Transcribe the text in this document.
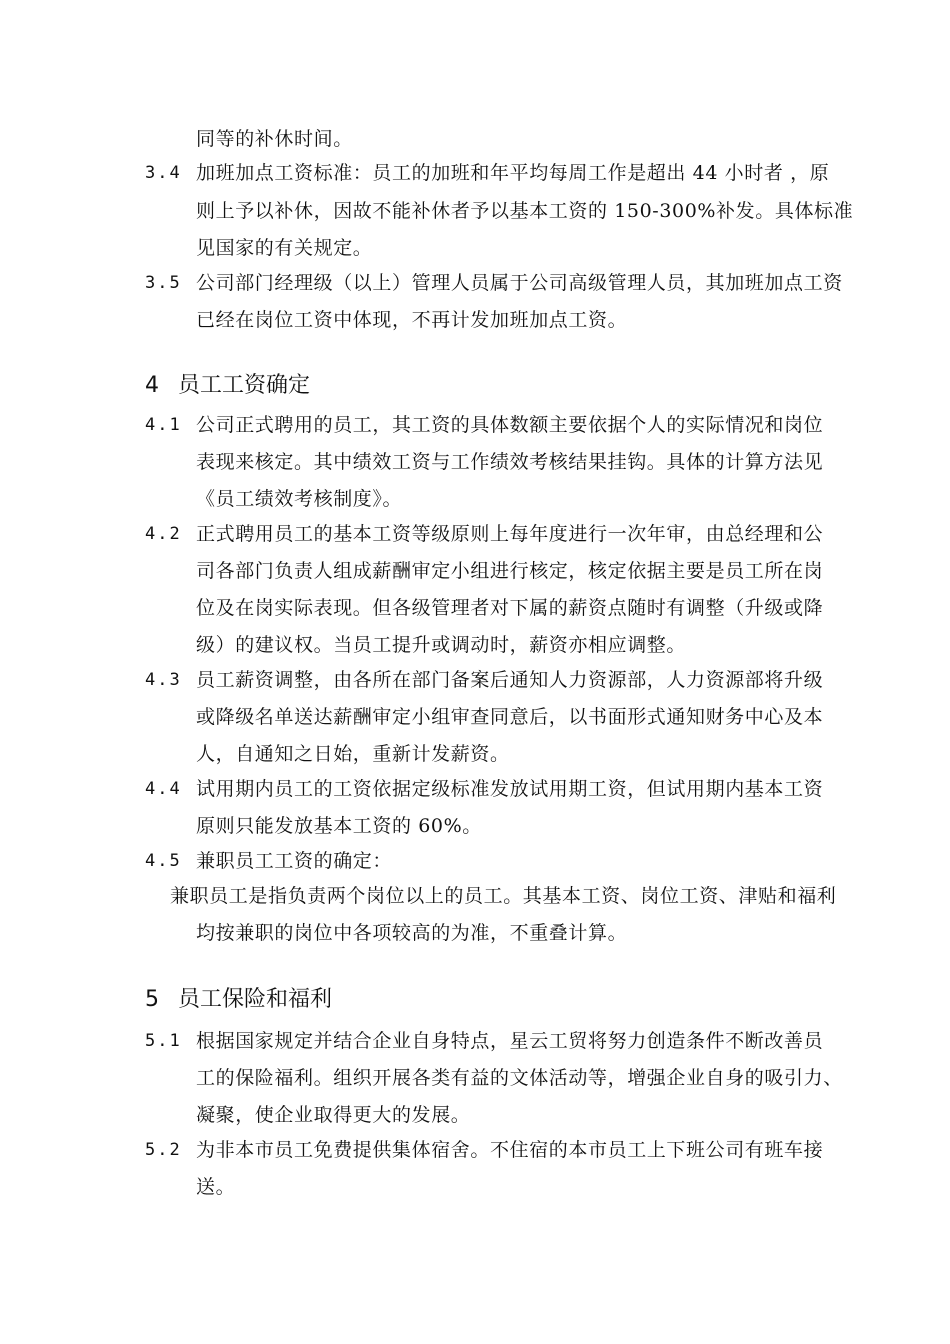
同等的补休时间。
3.4 加班加点工资标准：员工的加班和年平均每周工作是超出 44 小时者 ，原
则上予以补休，因故不能补休者予以基本工资的 150-300%补发。具体标准
见国家的有关规定。
3.5 公司部门经理级（以上）管理人员属于公司高级管理人员，其加班加点工资
已经在岗位工资中体现，不再计发加班加点工资。
4 员工工资确定
4.1 公司正式聘用的员工，其工资的具体数额主要依据个人的实际情况和岗位
表现来核定。其中绩效工资与工作绩效考核结果挂钩。具体的计算方法见
《员工绩效考核制度》。
4.2 正式聘用员工的基本工资等级原则上每年度进行一次年审，由总经理和公
司各部门负责人组成薪酬审定小组进行核定，核定依据主要是员工所在岗
位及在岗实际表现。但各级管理者对下属的薪资点随时有调整（升级或降
级）的建议权。当员工提升或调动时，薪资亦相应调整。
4.3 员工薪资调整，由各所在部门备案后通知人力资源部，人力资源部将升级
或降级名单送达薪酬审定小组审查同意后，以书面形式通知财务中心及本
人，自通知之日始，重新计发薪资。
4.4 试用期内员工的工资依据定级标准发放试用期工资，但试用期内基本工资
原则只能发放基本工资的 60%。
4.5 兼职员工工资的确定：
兼职员工是指负责两个岗位以上的员工。其基本工资、岗位工资、津贴和福利
均按兼职的岗位中各项较高的为准，不重叠计算。
5 员工保险和福利
5.1 根据国家规定并结合企业自身特点，星云工贸将努力创造条件不断改善员
工的保险福利。组织开展各类有益的文体活动等，增强企业自身的吸引力、
凝聚，使企业取得更大的发展。
5.2 为非本市员工免费提供集体宿舍。不住宿的本市员工上下班公司有班车接
送。
